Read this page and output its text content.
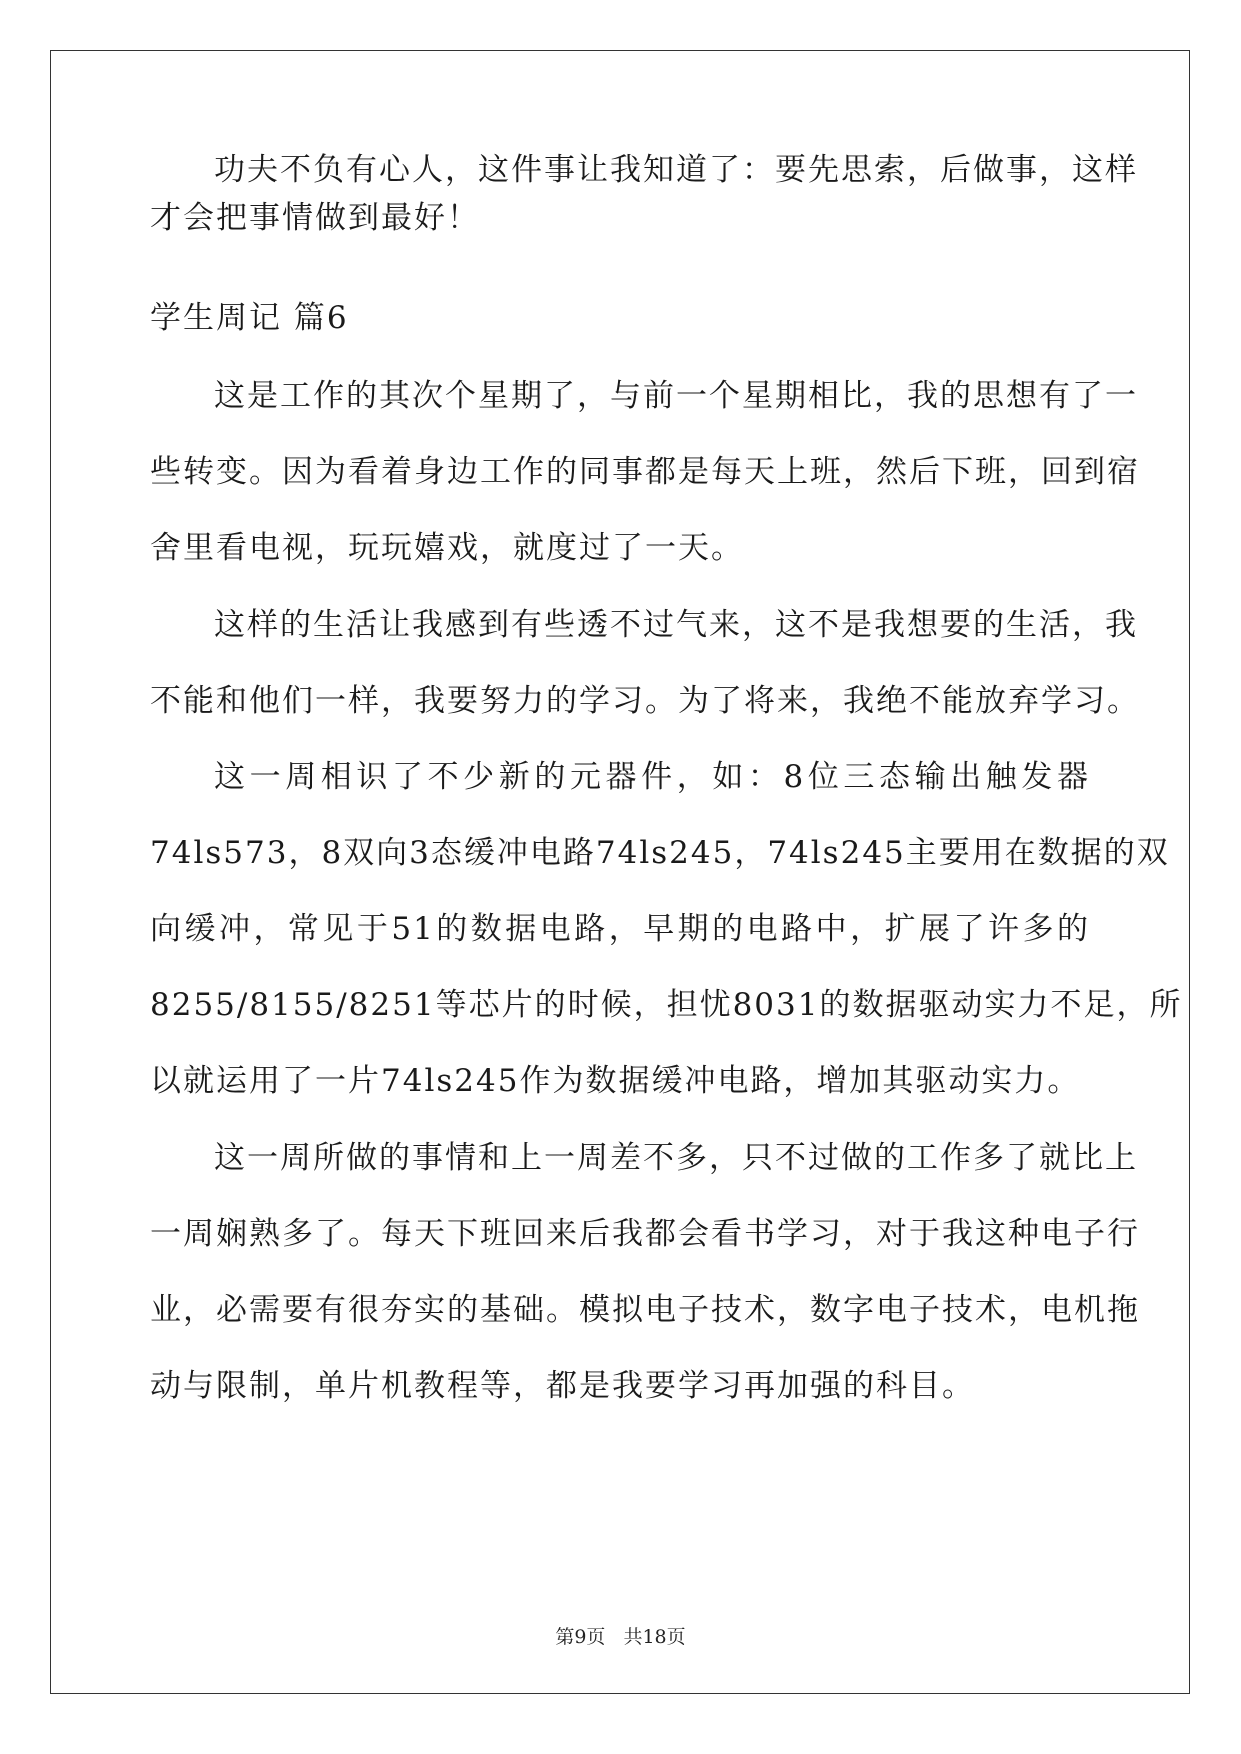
功夫不负有心人，这件事让我知道了：要先思索，后做事，这样
才会把事情做到最好！
学生周记 篇6
这是工作的其次个星期了，与前一个星期相比，我的思想有了一
些转变。因为看着身边工作的同事都是每天上班，然后下班，回到宿
舍里看电视，玩玩嬉戏，就度过了一天。
这样的生活让我感到有些透不过气来，这不是我想要的生活，我
不能和他们一样，我要努力的学习。为了将来，我绝不能放弃学习。
这一周相识了不少新的元器件，如：8位三态输出触发器
74ls573，8双向3态缓冲电路74ls245，74ls245主要用在数据的双
向缓冲，常见于51的数据电路，早期的电路中，扩展了许多的
8255/8155/8251等芯片的时候，担忧8031的数据驱动实力不足，所
以就运用了一片74ls245作为数据缓冲电路，增加其驱动实力。
这一周所做的事情和上一周差不多，只不过做的工作多了就比上
一周娴熟多了。每天下班回来后我都会看书学习，对于我这种电子行
业，必需要有很夯实的基础。模拟电子技术，数字电子技术，电机拖
动与限制，单片机教程等，都是我要学习再加强的科目。
第9页 共18页
